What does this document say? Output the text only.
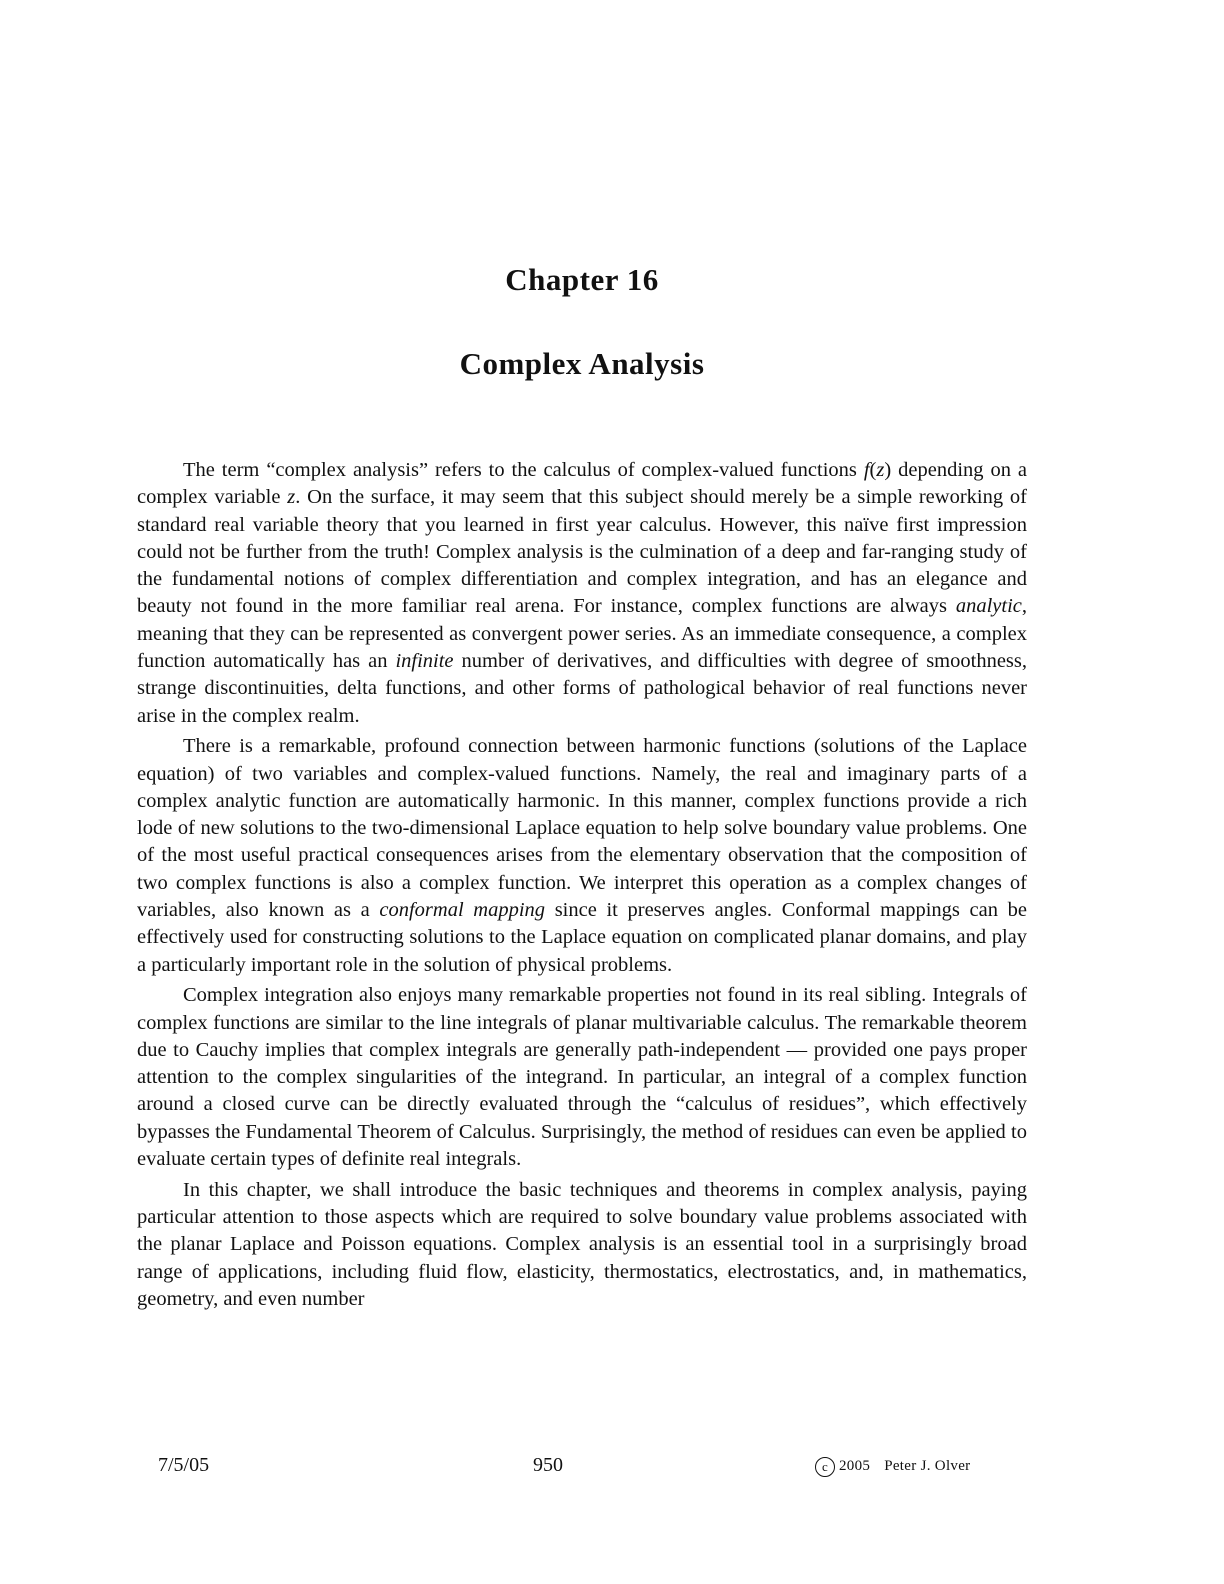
Chapter 16
Complex Analysis

The term “complex analysis” refers to the calculus of complex-valued functions f(z) depending on a complex variable z. On the surface, it may seem that this subject should merely be a simple reworking of standard real variable theory that you learned in first year calculus. However, this naïve first impression could not be further from the truth! Complex analysis is the culmination of a deep and far-ranging study of the fundamental notions of complex differentiation and complex integration, and has an elegance and beauty not found in the more familiar real arena. For instance, complex functions are always analytic, meaning that they can be represented as convergent power series. As an immediate consequence, a complex function automatically has an infinite number of derivatives, and difficulties with degree of smoothness, strange discontinuities, delta functions, and other forms of pathological behavior of real functions never arise in the complex realm.

There is a remarkable, profound connection between harmonic functions (solutions of the Laplace equation) of two variables and complex-valued functions. Namely, the real and imaginary parts of a complex analytic function are automatically harmonic. In this manner, complex functions provide a rich lode of new solutions to the two-dimensional Laplace equation to help solve boundary value problems. One of the most useful practical consequences arises from the elementary observation that the composition of two complex functions is also a complex function. We interpret this operation as a complex changes of variables, also known as a conformal mapping since it preserves angles. Conformal mappings can be effectively used for constructing solutions to the Laplace equation on complicated planar domains, and play a particularly important role in the solution of physical problems.

Complex integration also enjoys many remarkable properties not found in its real sibling. Integrals of complex functions are similar to the line integrals of planar multivariable calculus. The remarkable theorem due to Cauchy implies that complex integrals are generally path-independent — provided one pays proper attention to the complex singularities of the integrand. In particular, an integral of a complex function around a closed curve can be directly evaluated through the “calculus of residues”, which effectively bypasses the Fundamental Theorem of Calculus. Surprisingly, the method of residues can even be applied to evaluate certain types of definite real integrals.

In this chapter, we shall introduce the basic techniques and theorems in complex analysis, paying particular attention to those aspects which are required to solve boundary value problems associated with the planar Laplace and Poisson equations. Complex analysis is an essential tool in a surprisingly broad range of applications, including fluid flow, elasticity, thermostatics, electrostatics, and, in mathematics, geometry, and even number

7/5/05	950	c 2005 Peter J. Olver
